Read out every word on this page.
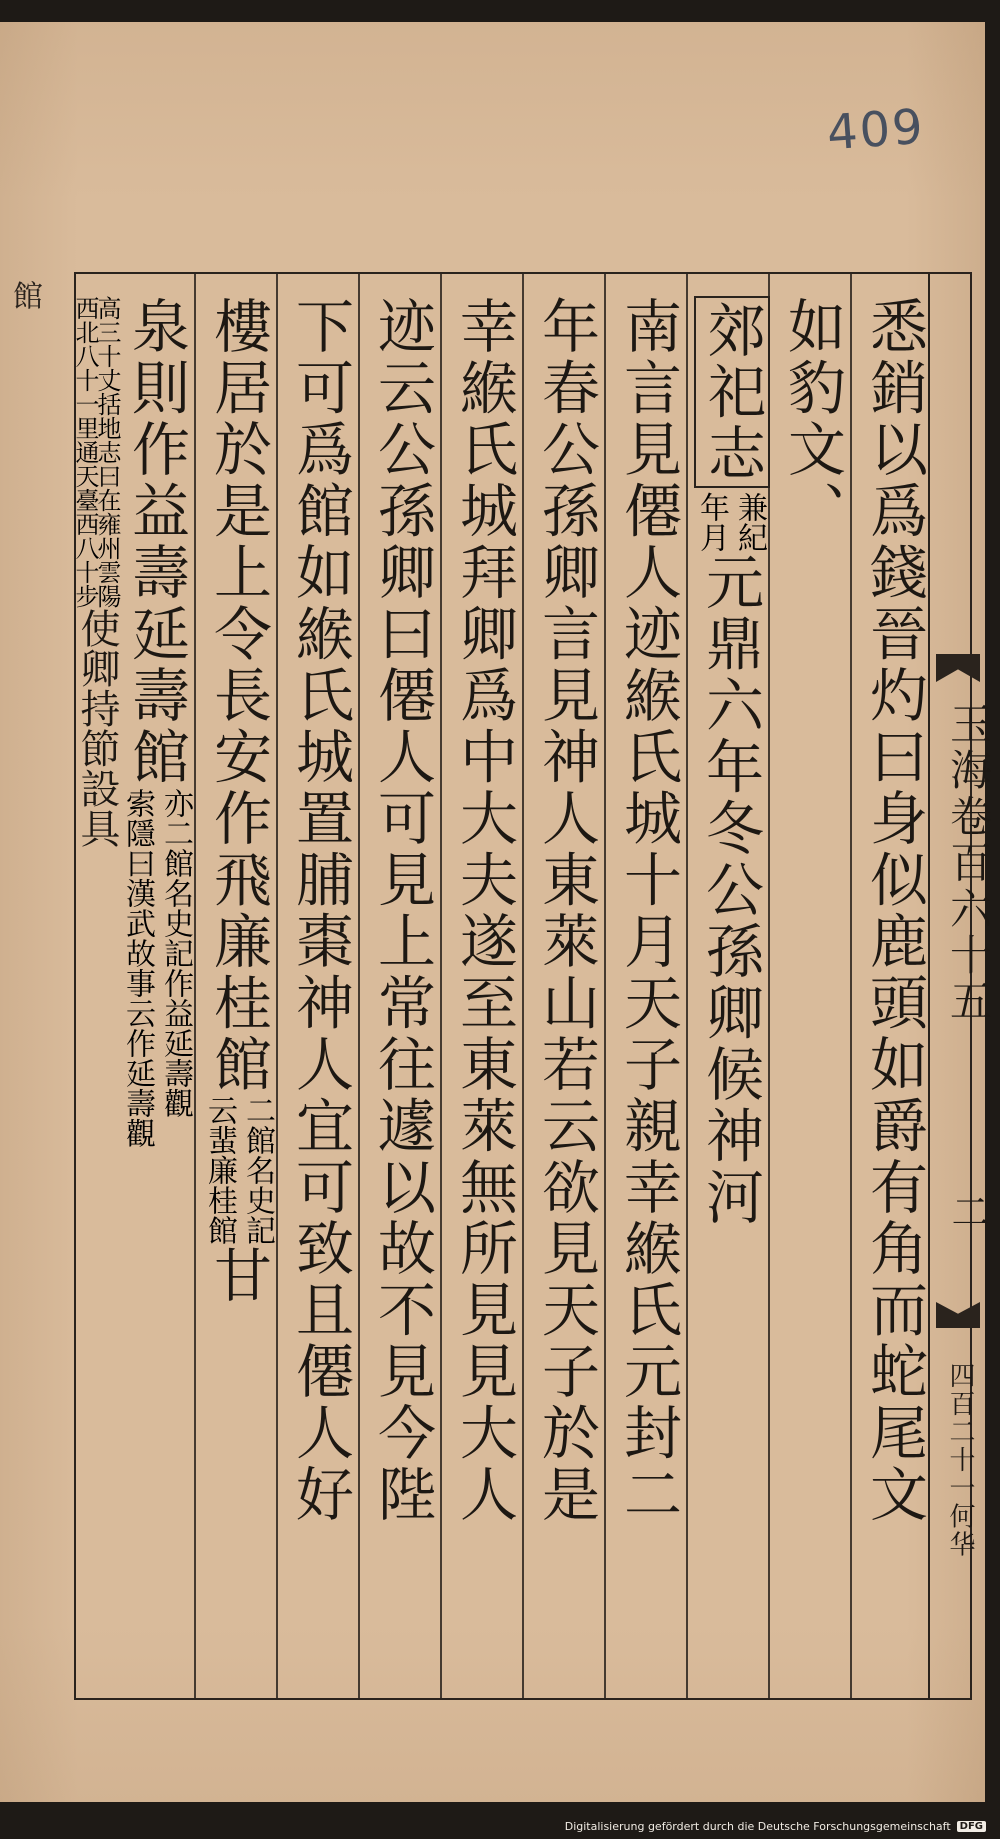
409
館
悉銷以爲錢晉灼曰身似鹿頭如爵有角而蛇尾文
如豹文、
郊祀志
兼紀
年月
元鼎六年冬公孫卿候神河
南言見僊人迹緱氏城十月天子親幸緱氏元封二
年春公孫卿言見神人東萊山若云欲見天子於是
幸緱氏城拜卿爲中大夫遂至東萊無所見見大人
迹云公孫卿曰僊人可見上常往遽以故不見今陛
下可爲館如緱氏城置脯棗神人宜可致且僊人好
樓居於是上令長安作飛廉桂館
二館名史記
云蜚廉桂館
甘
泉則作益壽延壽館
亦二館名史記作益延壽觀
索隱曰漢武故事云作延壽觀
高三十丈括地志曰在雍州雲陽
西北八十一里通天臺西八十步
使卿持節設具	玉海卷百六十五
二
四百二十一何华
Digitalisierung gefördert durch die Deutsche Forschungsgemeinschaft DFG
